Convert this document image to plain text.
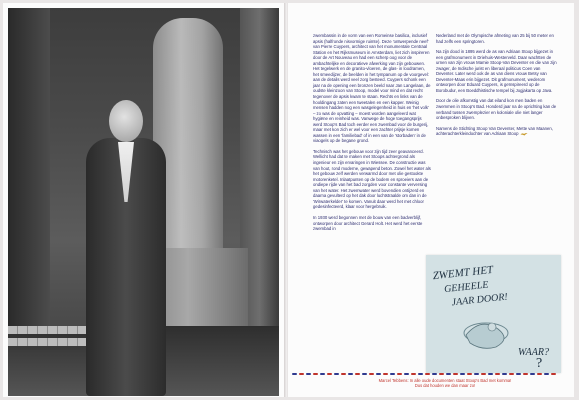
zwembassin in de vorm van een Romeinse basilica, inclusief apsis (halfronde nisvormige ruimte). Deze 'ontwerpende neef' van Pierre Cuypers, architect van het monumentale Centraal Station en het Rijksmuseum in Amsterdam, liet zich inspireren door de Art Nouveau en had een scherp oog voor de ambachtelijke en decoratieve afwerking van zijn gebouwen. Het tegelwerk en de granito-vloeren, de glas- in loodramen, het smeedijzer, de beelden in het tympanum op de voorgevel: aan de details werd veel zorg besteed. Cuypers schonk een jaar na de opening een bronzen beeld naar Jan Langelaan, de oudste kleinzoon van Stoop, model voor mind en dat recht tegenover de apsis kwam te staan. Rechts en links van de hooldingang zaten een tweetalen en een kapper. Weinig mensen hadden nog een wasgelegenheid in huis en 'het volk' – zo was de opvatting – moest worden aangeleerd wat hygiëne en reinheid was. Vanwege de hoge toegangsprijs werd Stoop's Bad toch eerder een zwembad voor de burgerij, maar met kon zich er wel voor een zachter prijsje komen wassen in een 'familiebad' of in een van de 'storbaden' in de viaogels op de begane grond.

Technisch was het gebouw voor zijn tijd zeer geavanceerd. Wellicht had dat te maken met Stoops achtergrond als ingenieur en zijn ervaringen in Wiessee. De constructie was van hout, rond moderne, gewapend beton. Zowel het water als het gebouw zelf werden verwarmd door met olie gestookte motorenketel. Inlaatpunten op de bodem en sproeiers aan de ondiepe rijde van het bad zorgden voor constante verversing van het water. Het zwemwater werd bovendien ontijzerd en daarna gevulterd op het dak door luchtstraalde om dan in de 'Wirwaterkelder' te komen. Vanuit daar werd het met chloor gedesinfecteerd, klaar voor hergebruik.

In 1930 werd begonnen met de bouw van een badverblijf, ontworpen door architect Gerard Holt. Het werd het eerste zwembad in

Nederland met de Olympische afmeting van 25 bij 50 meter en had zelfs een springtoren.

Na zijn dood in 1895 werd de as van Adriaan Stoop bijgezet in een grafmonument in Driehuis-Westerveld. Daar wachtten de urnen van zijn vrouw Mamie Stoop-Van Deventer en die van zijn zwager, de Indische jurist en liberaal politicus Coen van Deventer. Later werd ook de as van diens vrouw Betsy van Deventer-Maas erin bijgezet. Dit grafmonument, wederom ontworpen door Eduard Cuypers, is geïnspireerd op de Borobudur, een Boeddhistische tempel bij Jogjakarta op Java.

Door de olie afkomstig van dat eiland kon men baden en zwemmen in Stoop's Bad. Honderd jaar na de oprichting kan de verband tussen zwemplezier en koloniale olie niet langer onbesproken blijven.

Namens de Stichting Stoop Van Deventer, Mette van Maanen, achterachterkleindochter van Adriaan Stoop

ZWEMT HET
GEHEELE
JAAR DOOR!
WAAR?
?
Marcel Tebbens: In alle oude documenten staat Stoop's Bad met komma!
Dus dat houden we dan maar zo!
